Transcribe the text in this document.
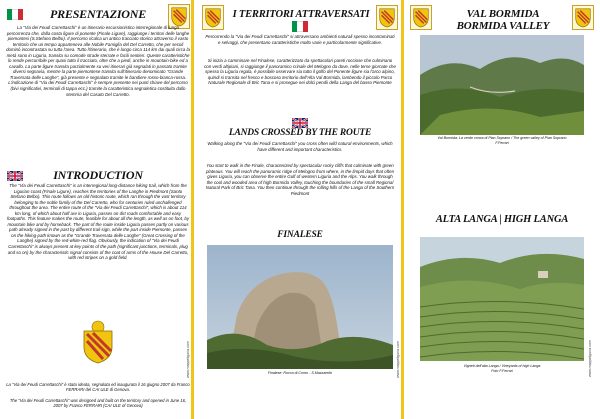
PRESENTAZIONE
La "Via dei Feudi Carrettaschi" è un itinerario escursionistico interregionale di lunga percorrenza che, dalla costa ligure di ponente (Finale Ligure), raggiunge i territori delle langhe piemontesi (S.Stefano Belbo). Il percorso ricalca un antico tracciato storico attraverso il vasto territorio che un tempo apparteneva alle Nobile Famiglia del Del Carretto, che per secoli dominò incontrastata su tutta l'area. Tutto l'itinerario, che è lungo circa 114 km dai quali circa la metà sono in Liguria, transita su comode strade sterrate e facili sentieri. Queste caratteristiche lo rende percorribile per quasi tutto il tracciato, oltre che a piedi, anche in mountain-bike ed a cavallo. La parte ligure transita parzialmente su veri itinerari già segnalati in passato tramite diversi segnavia, mentre la parte piemontese transita sull'itinerario denominato "Grande Traversata delle Langhe", già presente e segnalato tramite le bandiere rosso-bianca-rossa. L'indicazione di "Via dei Feudi Carrettaschi" è sempre presente nei punti chiave del percorso (bivi significativi, terminali di tappa ecc.) tramite la caratteristica segnaletica costituita dallo stemma del Casato Del Carretto.
INTRODUCTION
The "Via dei Feudi Carrettaschi" is an interregional long-distance hiking trail, which from the Ligurian coast (Finale Ligure), reaches the territories of the Langhe in Piedmont (Santo Stefano Belbo). This route follows an old historic route, which ran through the vast territory belonging to the noble family of the Del Carretto, who for centuries ruled unchallenged throughout the area. The entire route of the "Via dei Feudi Carrettaschi", which is about 114 km long, of which about half are in Liguria, passes on dirt roads comfortable and easy footpaths. This feature makes the route, feasible for about all the length, as well as on foot, by mountain bike and by horseback. The part of the route inside Liguria passes partly on various path already signed in the past by different trail-sign, while the part inside Piemonte, passes on the hiking-path known as the "Grande Traversata delle Langhe" (Great Crossing of the Langhe) signed by the red-white-red flag. Obviously, the indication of "Via dei Feudi Carrettaschi" is always present at key points of the path (significant junctions, terminals, plug and so on) by the characteristic signal consists of the coat of arms of the House Del Carretto, with red stripes on a gold field.
La "Via dei Feudi Carrettaschi" è stata ideata, segnalata ed inaugurata il 16 giugno 2007 da Franco FERRARI del CAI ULE di Genova.
The "Via dei Feudi Carrettaschi" was designed and built on the territory and opened in June 16, 2007 by Franco FERRARI (CAI ULE of Genova)
www.mappeliguria.com
I TERRITORI ATTRAVERSATI
Percorrendo la "Via dei Feudi Carrettaschi" si attraversano ambienti naturali spesso incontaminati e selvaggi, che presentano caratteristiche molto varie e particolarmente significative.
Si inizia a camminare nel Finalese, caratterizzato da spettacolari pareti rocciose che culminano con verdi altipiani, si raggiunge il panoramico crinale del Melogno da dove, nelle terse giornate che spesso la Liguria regala, è possibile osservare sia tutto il golfo del Ponente ligure sia l'arco alpino, quindi si transita nel fresco e boscoso territorio dell'Alta Val Bormida, lambendo il piccolo Parco Naturale Regionale di Bric Tana e si prosegue nei dolci pendii della Langa del basso Piemonte
LANDS CROSSED BY THE ROUTE
Walking along the "Via dei Feudi Carrettaschi" you cross often wild natural environments, which have different and important characteristics.
You start to walk in the Finale, characterized by spectacular rocky cliffs that culminate with green plateaus. You will reach the panoramic ridge of Melogno from where, in the limpid days that often gives Liguria, you can observe the entire Gulf of western Liguria and the Alps. You walk through the cool and wooded area of high Bormida Valley, touching the boundaries of the small Regional Natural Park of Bric Tana. You then continue through the rolling hills of the Langa of the Southern Piedmont
FINALESE
Finalese: Rocca di Corno - S.Mazzarello	www.mappeliguria.com
VAL BORMIDA
BORMIDA VALLEY
Val Bormida: La verde conca di Pian Soprano / The green valley of Pian Soprano
F.Ferrari
ALTA LANGA | HIGH LANGA
Vigneti dell'alta Langa / Vineyards of high Langa
Foto F.Ferrari	www.mappeliguria.com
